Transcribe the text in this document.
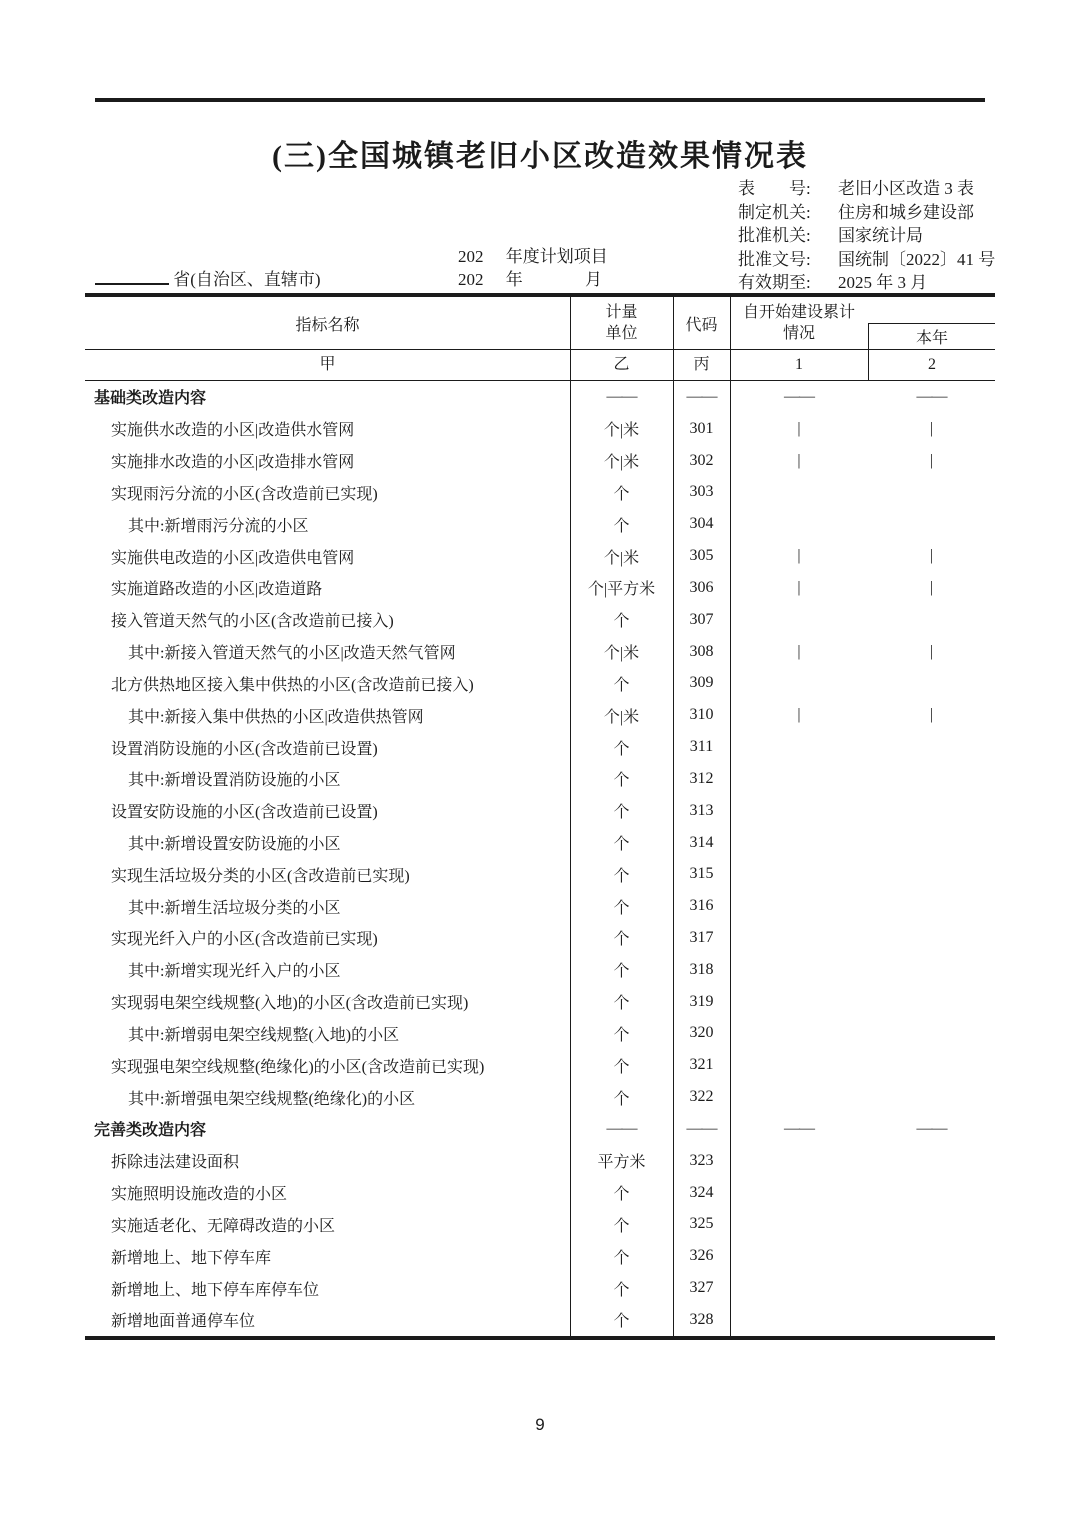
(三)全国城镇老旧小区改造效果情况表
表　　号:	老旧小区改造 3 表
制定机关:	住房和城乡建设部
批准机关:	国家统计局
批准文号:	国统制〔2022〕41 号
有效期至:	2025 年 3 月
202 年度计划项目
省(自治区、直辖市)	202 年	月
指标名称
计量
单位	代码
自开始建设累计
情况	本年
甲	乙	丙	1	2
基础类改造内容	——	——	——	——
实施供水改造的小区|改造供水管网	个|米	301	|	|
实施排水改造的小区|改造排水管网	个|米	302	|	|
实现雨污分流的小区(含改造前已实现)	个	303
其中:新增雨污分流的小区	个	304
实施供电改造的小区|改造供电管网	个|米	305	|	|
实施道路改造的小区|改造道路	个|平方米	306	|	|
接入管道天然气的小区(含改造前已接入)	个	307
其中:新接入管道天然气的小区|改造天然气管网	个|米	308	|	|
北方供热地区接入集中供热的小区(含改造前已接入)	个	309
其中:新接入集中供热的小区|改造供热管网	个|米	310	|	|
设置消防设施的小区(含改造前已设置)	个	311
其中:新增设置消防设施的小区	个	312
设置安防设施的小区(含改造前已设置)	个	313
其中:新增设置安防设施的小区	个	314
实现生活垃圾分类的小区(含改造前已实现)	个	315
其中:新增生活垃圾分类的小区	个	316
实现光纤入户的小区(含改造前已实现)	个	317
其中:新增实现光纤入户的小区	个	318
实现弱电架空线规整(入地)的小区(含改造前已实现)	个	319
其中:新增弱电架空线规整(入地)的小区	个	320
实现强电架空线规整(绝缘化)的小区(含改造前已实现)	个	321
其中:新增强电架空线规整(绝缘化)的小区	个	322
完善类改造内容	——	——	——	——
拆除违法建设面积	平方米	323
实施照明设施改造的小区	个	324
实施适老化、无障碍改造的小区	个	325
新增地上、地下停车库	个	326
新增地上、地下停车库停车位	个	327
新增地面普通停车位	个	328
9
